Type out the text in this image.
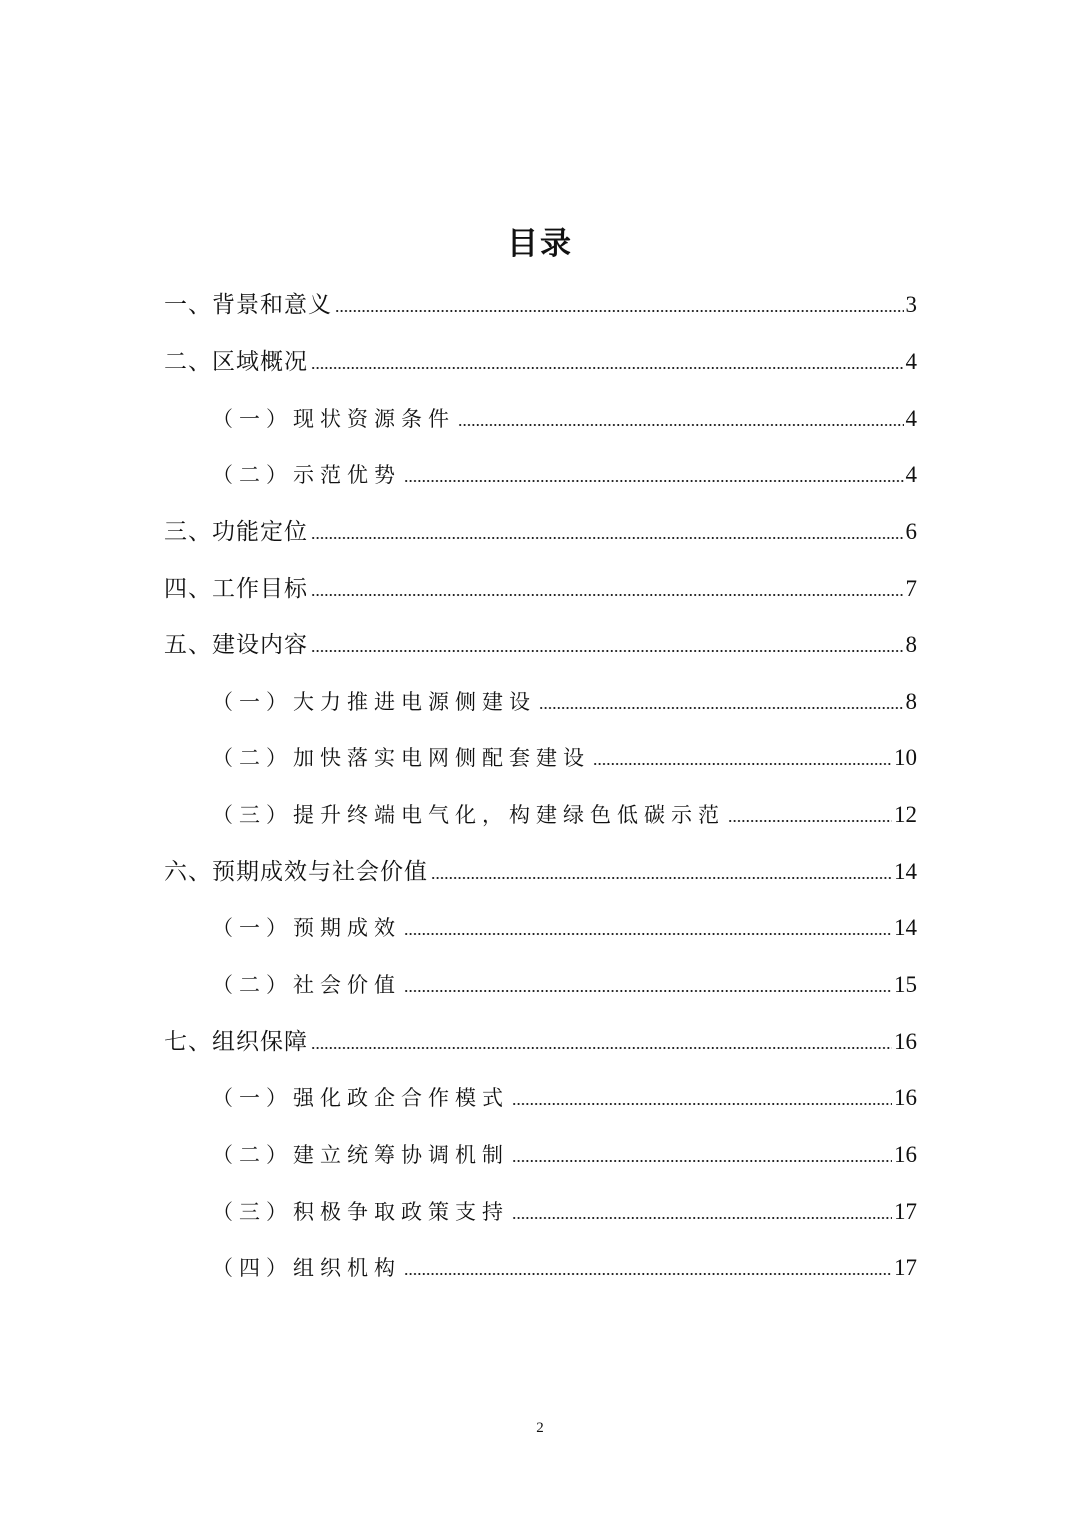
目录
一、背景和意义	3
二、区域概况	4
（一）现状资源条件	4
（二）示范优势	4
三、功能定位	6
四、工作目标	7
五、建设内容	8
（一）大力推进电源侧建设	8
（二）加快落实电网侧配套建设	10
（三）提升终端电气化，构建绿色低碳示范	12
六、预期成效与社会价值	14
（一）预期成效	14
（二）社会价值	15
七、组织保障	16
（一）强化政企合作模式	16
（二）建立统筹协调机制	16
（三）积极争取政策支持	17
（四）组织机构	17
2
